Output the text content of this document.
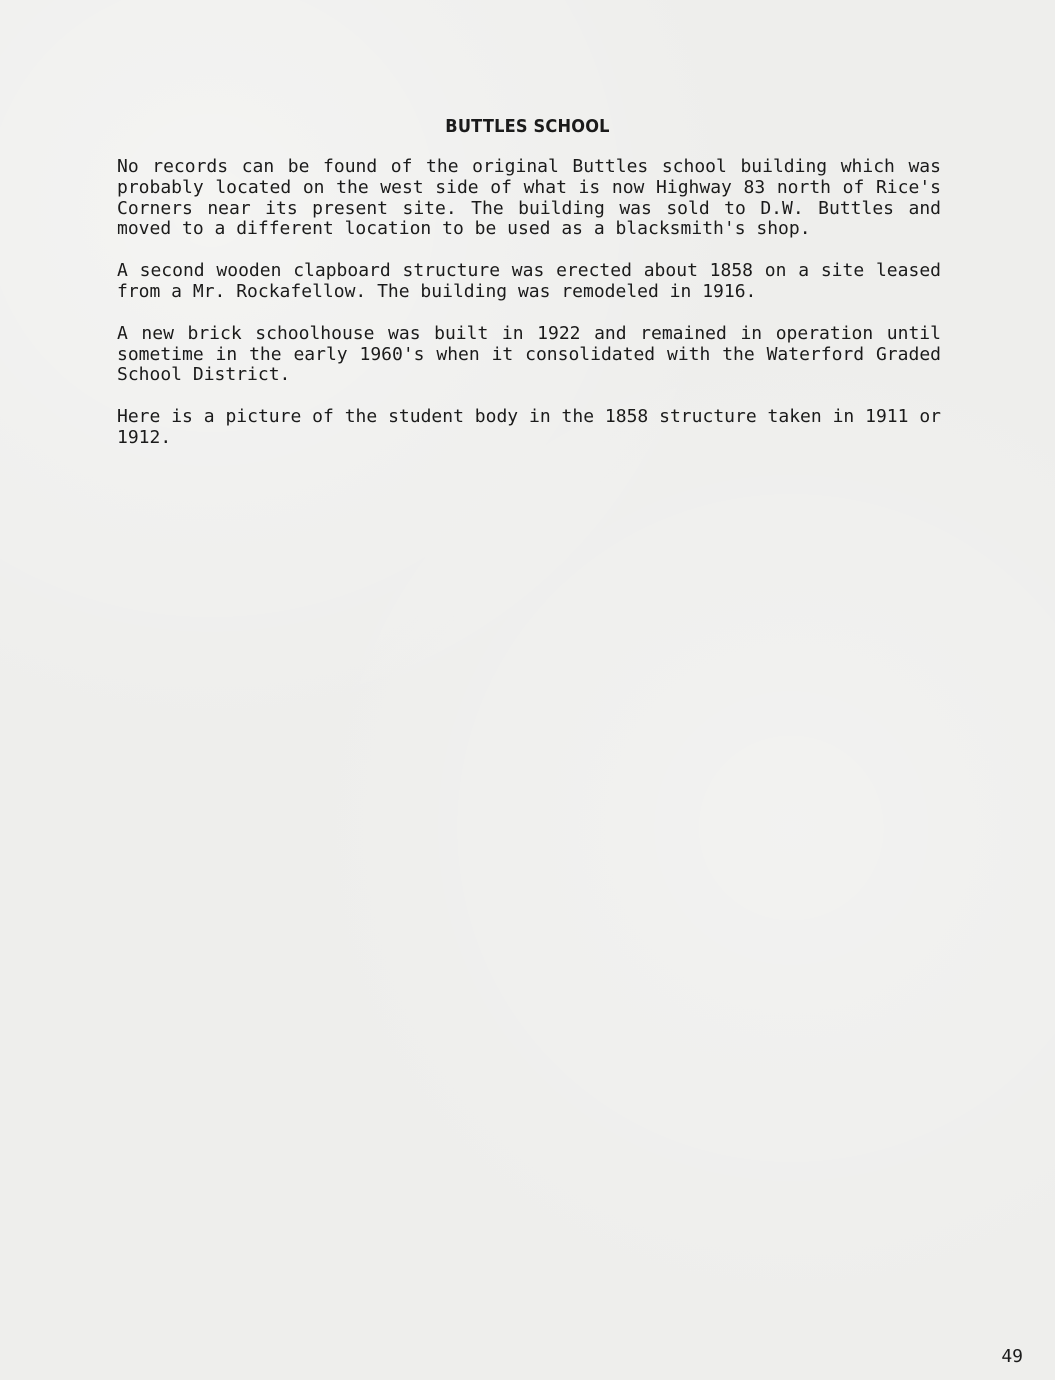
BUTTLES SCHOOL

No records can be found of the original Buttles school building which was probably located on the west side of what is now Highway 83 north of Rice's Corners near its present site. The building was sold to D.W. Buttles and moved to a different location to be used as a blacksmith's shop.

A second wooden clapboard structure was erected about 1858 on a site leased from a Mr. Rockafellow. The building was remodeled in 1916.

A new brick schoolhouse was built in 1922 and remained in operation until sometime in the early 1960's when it consolidated with the Waterford Graded School District.

Here is a picture of the student body in the 1858 structure taken in 1911 or 1912.

49
